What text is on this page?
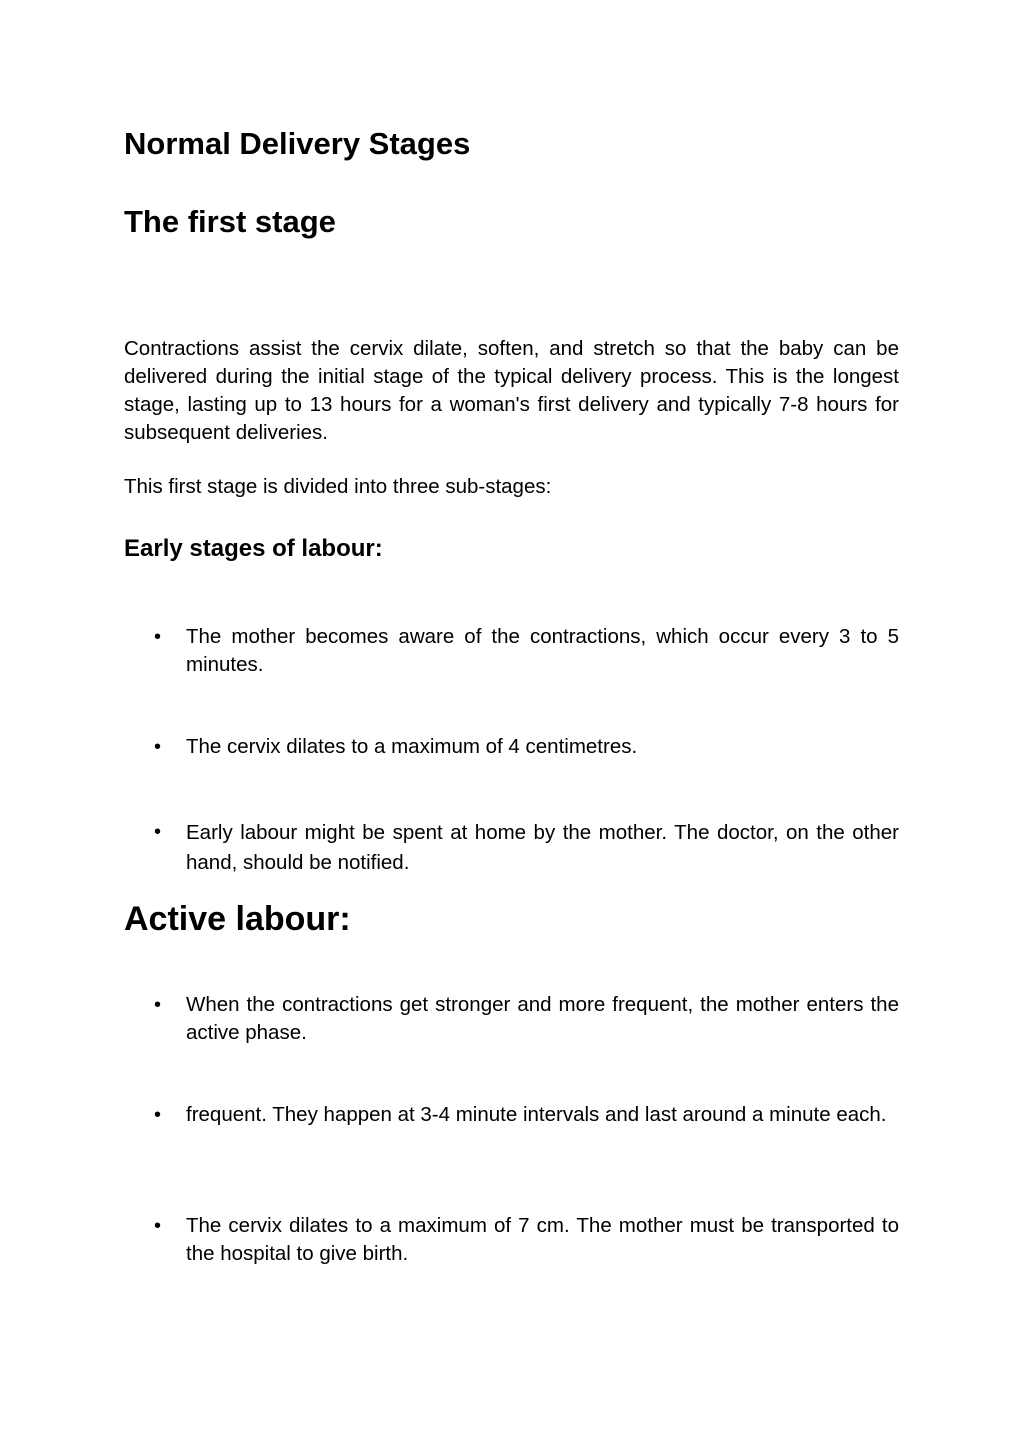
Normal Delivery Stages
The first stage

Contractions assist the cervix dilate, soften, and stretch so that the baby can be delivered during the initial stage of the typical delivery process. This is the longest stage, lasting up to 13 hours for a woman's first delivery and typically 7-8 hours for subsequent deliveries.

This first stage is divided into three sub-stages:

Early stages of labour:
• The mother becomes aware of the contractions, which occur every 3 to 5 minutes.

• The cervix dilates to a maximum of 4 centimetres.

• Early labour might be spent at home by the mother. The doctor, on the other hand, should be notified.

Active labour:
• When the contractions get stronger and more frequent, the mother enters the active phase.

• frequent. They happen at 3-4 minute intervals and last around a minute each.

• The cervix dilates to a maximum of 7 cm. The mother must be transported to the hospital to give birth.
